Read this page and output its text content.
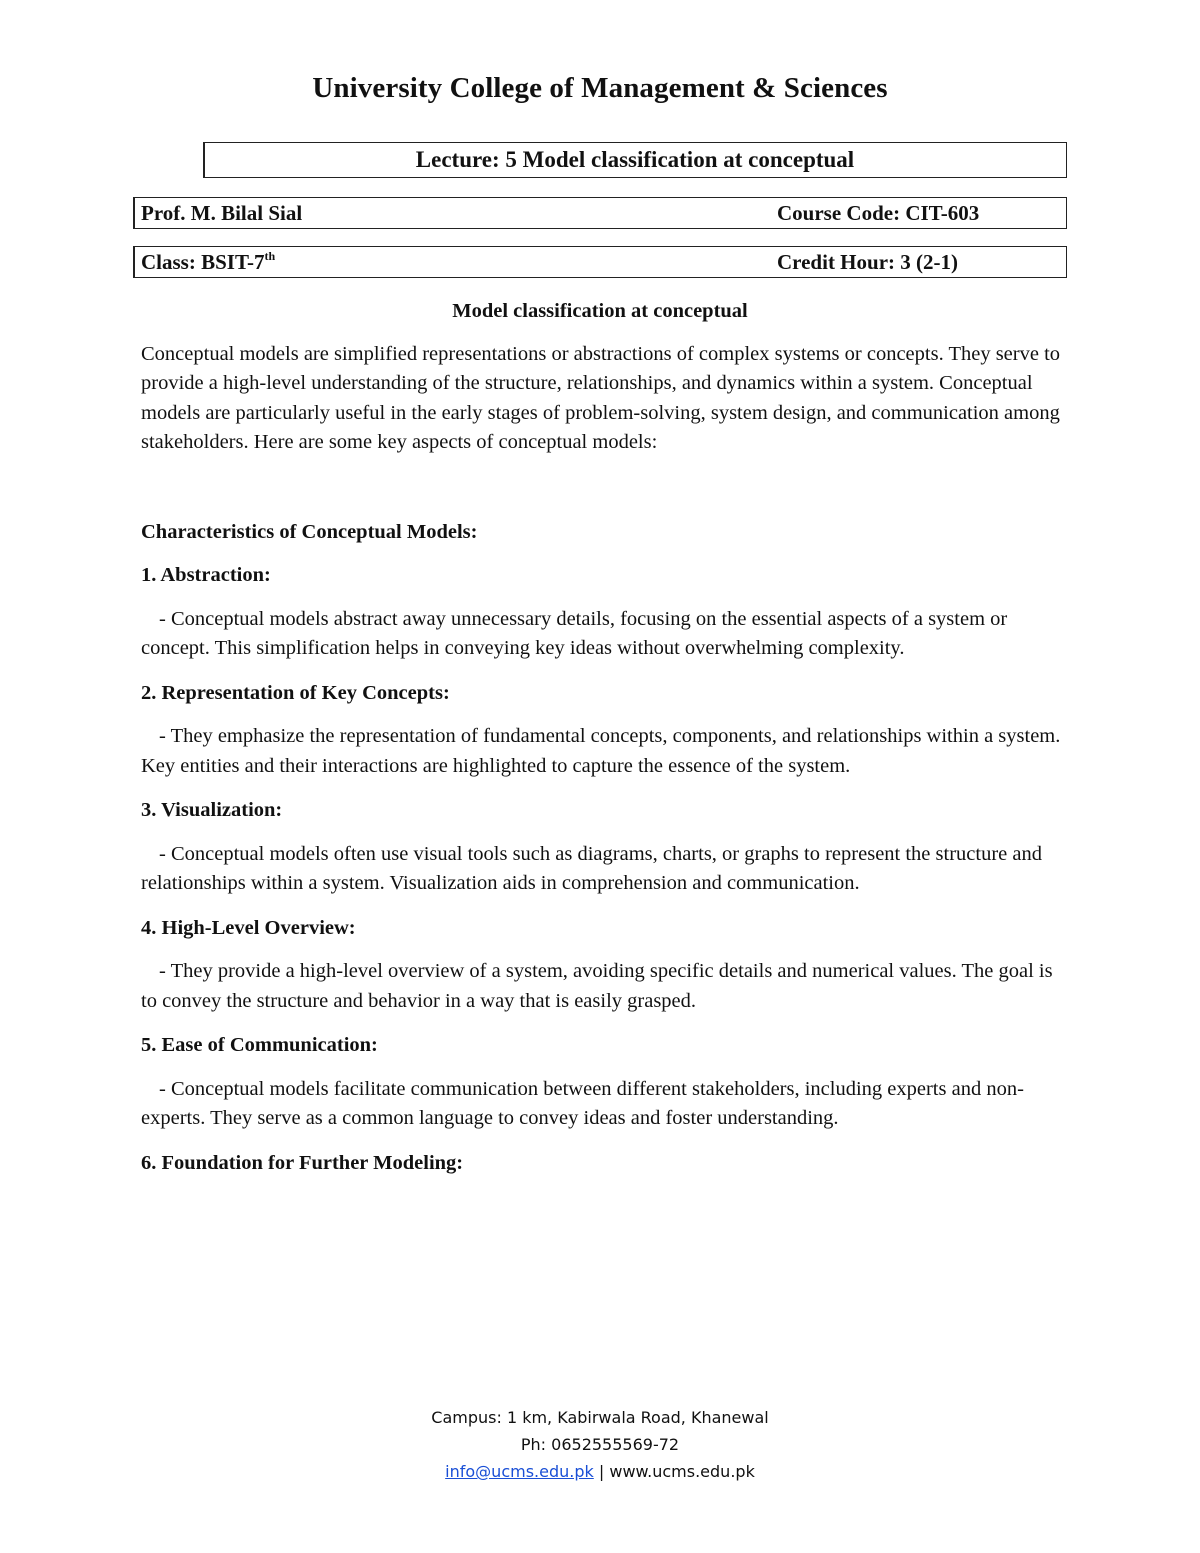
University College of Management & Sciences
Lecture: 5 Model classification at conceptual
Prof. M. Bilal Sial	Course Code: CIT-603
Class: BSIT-7th	Credit Hour: 3 (2-1)

Model classification at conceptual

Conceptual models are simplified representations or abstractions of complex systems or concepts. They serve to provide a high-level understanding of the structure, relationships, and dynamics within a system. Conceptual models are particularly useful in the early stages of problem-solving, system design, and communication among stakeholders. Here are some key aspects of conceptual models:

Characteristics of Conceptual Models:

1. Abstraction:

- Conceptual models abstract away unnecessary details, focusing on the essential aspects of a system or concept. This simplification helps in conveying key ideas without overwhelming complexity.

2. Representation of Key Concepts:

- They emphasize the representation of fundamental concepts, components, and relationships within a system. Key entities and their interactions are highlighted to capture the essence of the system.

3. Visualization:

- Conceptual models often use visual tools such as diagrams, charts, or graphs to represent the structure and relationships within a system. Visualization aids in comprehension and communication.

4. High-Level Overview:

- They provide a high-level overview of a system, avoiding specific details and numerical values. The goal is to convey the structure and behavior in a way that is easily grasped.

5. Ease of Communication:

- Conceptual models facilitate communication between different stakeholders, including experts and non-experts. They serve as a common language to convey ideas and foster understanding.

6. Foundation for Further Modeling:

Campus: 1 km, Kabirwala Road, Khanewal
Ph: 0652555569-72
info@ucms.edu.pk | www.ucms.edu.pk
